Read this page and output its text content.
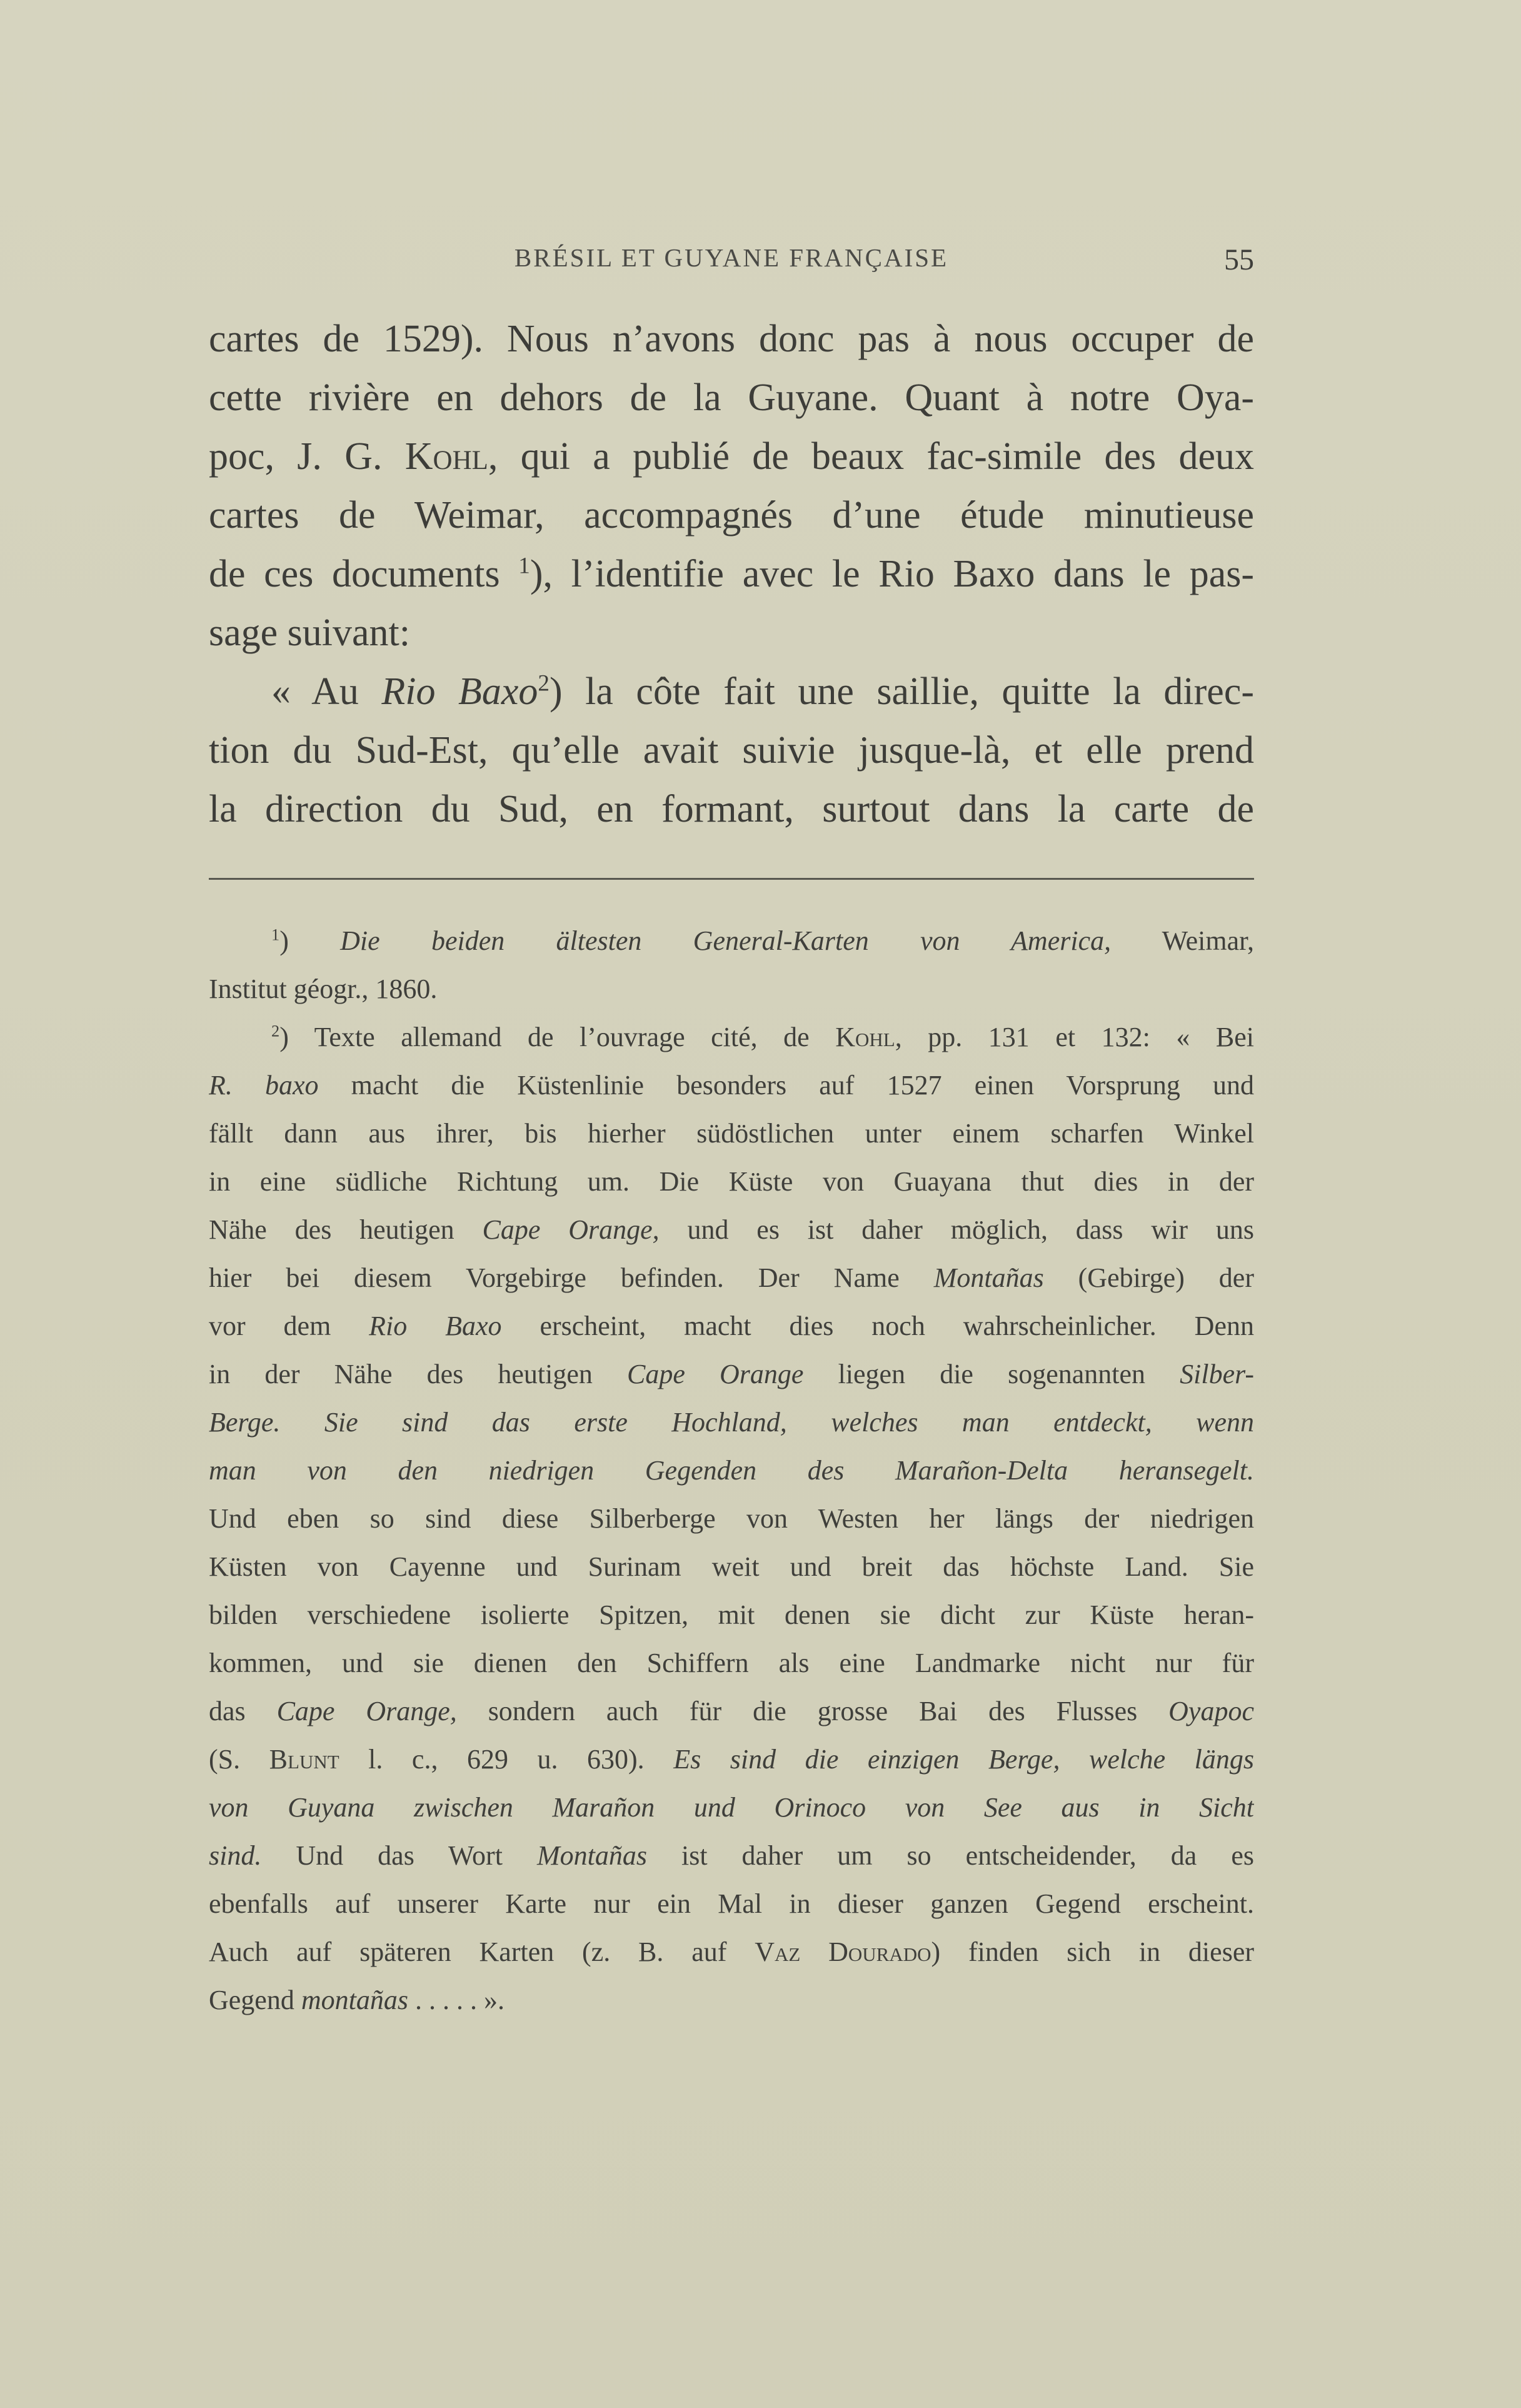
BRÉSIL ET GUYANE FRANÇAISE	55
cartes de 1529). Nous n’avons donc pas à nous occuper de
cette rivière en dehors de la Guyane. Quant à notre Oya-
poc, J. G. Kohl, qui a publié de beaux fac-simile des deux
cartes de Weimar, accompagnés d’une étude minutieuse
de ces documents $^1$), l’identifie avec le Rio Baxo dans le pas-
sage suivant:
« Au Rio Baxo$^2$) la côte fait une saillie, quitte la direc-
tion du Sud-Est, qu’elle avait suivie jusque-là, et elle prend
la direction du Sud, en formant, surtout dans la carte de
$^1$) Die beiden ältesten General-Karten von America, Weimar,
Institut géogr., 1860.
$^2$) Texte allemand de l’ouvrage cité, de Kohl, pp. 131 et 132: « Bei
R. baxo macht die Küstenlinie besonders auf 1527 einen Vorsprung und
fällt dann aus ihrer, bis hierher südöstlichen unter einem scharfen Winkel
in eine südliche Richtung um. Die Küste von Guayana thut dies in der
Nähe des heutigen Cape Orange, und es ist daher möglich, dass wir uns
hier bei diesem Vorgebirge befinden. Der Name Montañas (Gebirge) der
vor dem Rio Baxo erscheint, macht dies noch wahrscheinlicher. Denn
in der Nähe des heutigen Cape Orange liegen die sogenannten Silber-
Berge. Sie sind das erste Hochland, welches man entdeckt, wenn
man von den niedrigen Gegenden des Marañon-Delta heransegelt.
Und eben so sind diese Silberberge von Westen her längs der niedrigen
Küsten von Cayenne und Surinam weit und breit das höchste Land. Sie
bilden verschiedene isolierte Spitzen, mit denen sie dicht zur Küste heran-
kommen, und sie dienen den Schiffern als eine Landmarke nicht nur für
das Cape Orange, sondern auch für die grosse Bai des Flusses Oyapoc
(S. Blunt l. c., 629 u. 630). Es sind die einzigen Berge, welche längs
von Guyana zwischen Marañon und Orinoco von See aus in Sicht
sind. Und das Wort Montañas ist daher um so entscheidender, da es
ebenfalls auf unserer Karte nur ein Mal in dieser ganzen Gegend erscheint.
Auch auf späteren Karten (z. B. auf Vaz Dourado) finden sich in dieser
Gegend montañas . . . . . ».
